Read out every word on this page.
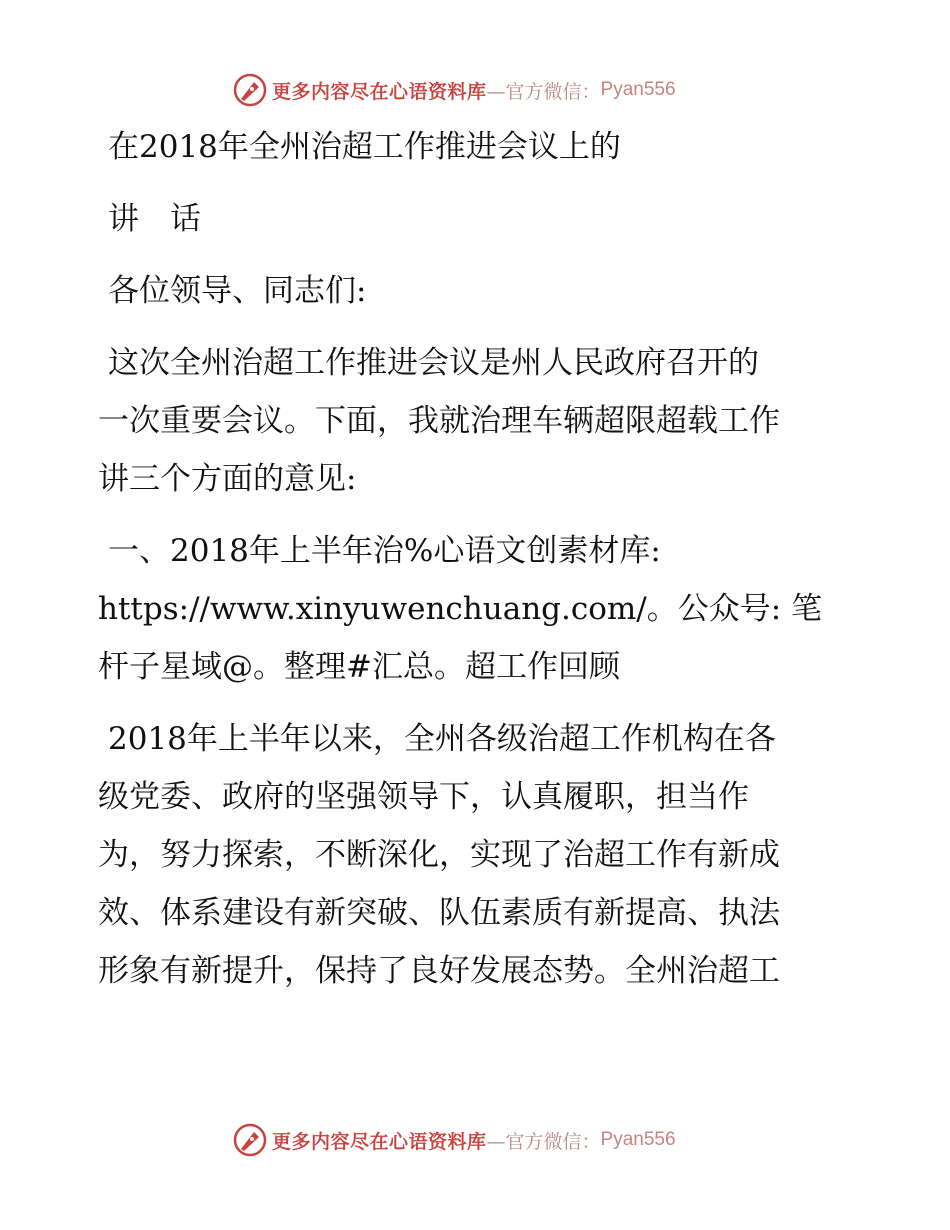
更多内容尽在心语资料库 —官方微信： Pyan556

在2018年全州治超工作推进会议上的

讲　话

各位领导、同志们:

这次全州治超工作推进会议是州人民政府召开的

一次重要会议。下面，我就治理车辆超限超载工作

讲三个方面的意见:

一、2018年上半年治%心语文创素材库:

https://www.xinyuwenchuang.com/。公众号: 笔

杆子星域@。整理#汇总。超工作回顾

2018年上半年以来，全州各级治超工作机构在各

级党委、政府的坚强领导下，认真履职，担当作

为，努力探索，不断深化，实现了治超工作有新成

效、体系建设有新突破、队伍素质有新提高、执法

形象有新提升，保持了良好发展态势。全州治超工

更多内容尽在心语资料库 —官方微信： Pyan556
